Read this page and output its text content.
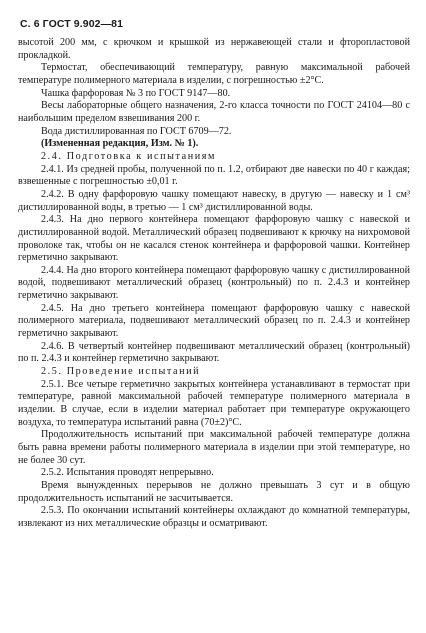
С. 6 ГОСТ 9.902—81

высотой 200 мм, с крючком и крышкой из нержавеющей стали и фторопластовой прокладкой.

Термостат, обеспечивающий температуру, равную максимальной рабочей температуре полимерного материала в изделии, с погрешностью ±2°С.

Чашка фарфоровая № 3 по ГОСТ 9147—80.

Весы лабораторные общего назначения, 2-го класса точности по ГОСТ 24104—80 с наибольшим пределом взвешивания 200 г.

Вода дистиллированная по ГОСТ 6709—72.

(Измененная редакция, Изм. № 1).

2.4. Подготовка к испытаниям

2.4.1. Из средней пробы, полученной по п. 1.2, отбирают две навески по 40 г каждая; взвешенные с погрешностью ±0,01 г.

2.4.2. В одну фарфоровую чашку помещают навеску, в другую — навеску и 1 см³ дистиллированной воды, в третью — 1 см³ дистиллированной воды.

2.4.3. На дно первого контейнера помещают фарфоровую чашку с навеской и дистиллированной водой. Металлический образец подвешивают к крючку на нихромовой проволоке так, чтобы он не касался стенок контейнера и фарфоровой чашки. Контейнер герметично закрывают.

2.4.4. На дно второго контейнера помещают фарфоровую чашку с дистиллированной водой, подвешивают металлический образец (контрольный) по п. 2.4.3 и контейнер герметично закрывают.

2.4.5. На дно третьего контейнера помещают фарфоровую чашку с навеской полимерного материала, подвешивают металлический образец по п. 2.4.3 и контейнер герметично закрывают.

2.4.6. В четвертый контейнер подвешивают металлический образец (контрольный) по п. 2.4.3 и контейнер герметично закрывают.

2.5. Проведение испытаний

2.5.1. Все четыре герметично закрытых контейнера устанавливают в термостат при температуре, равной максимальной рабочей температуре полимерного материала в изделии. В случае, если в изделии материал работает при температуре окружающего воздуха, то температура испытаний равна (70±2)°С.

Продолжительность испытаний при максимальной рабочей температуре должна быть равна времени работы полимерного материала в изделии при этой температуре, но не более 30 сут.

2.5.2. Испытания проводят непрерывно.

Время вынужденных перерывов не должно превышать 3 сут и в общую продолжительность испытаний не засчитывается.

2.5.3. По окончании испытаний контейнеры охлаждают до комнатной температуры, извлекают из них металлические образцы и осматривают.
